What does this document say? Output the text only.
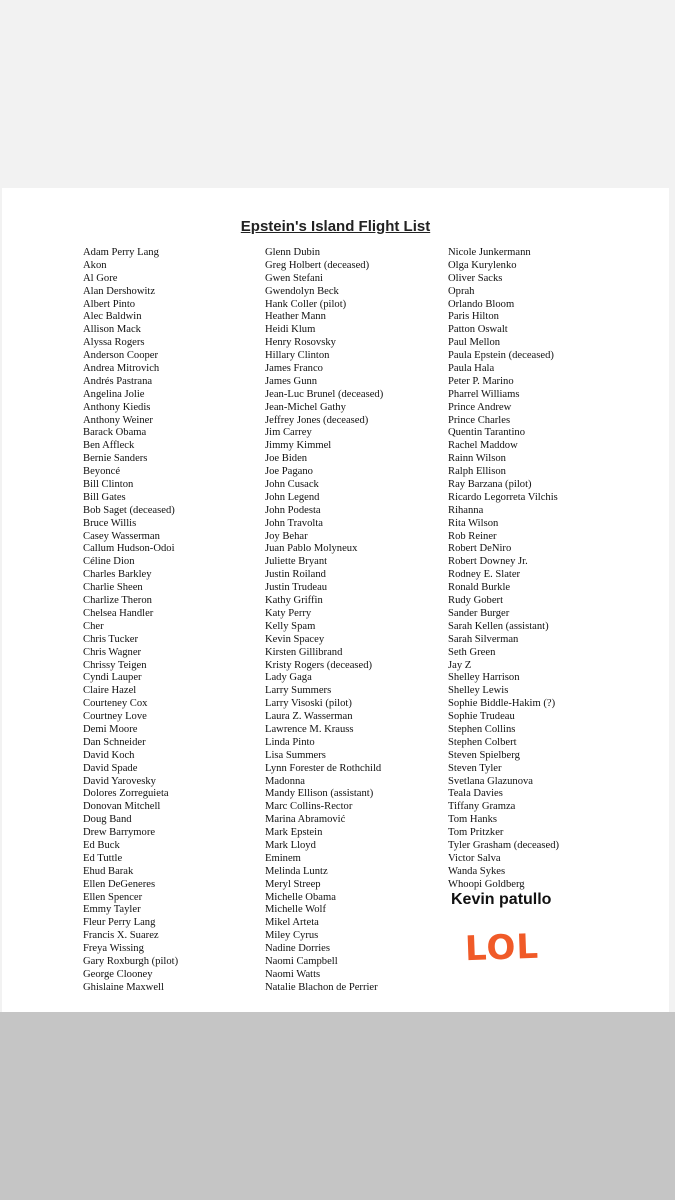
Epstein's Island Flight List
Adam Perry Lang
Akon
Al Gore
Alan Dershowitz
Albert Pinto
Alec Baldwin
Allison Mack
Alyssa Rogers
Anderson Cooper
Andrea Mitrovich
Andrés Pastrana
Angelina Jolie
Anthony Kiedis
Anthony Weiner
Barack Obama
Ben Affleck
Bernie Sanders
Beyoncé
Bill Clinton
Bill Gates
Bob Saget (deceased)
Bruce Willis
Casey Wasserman
Callum Hudson-Odoi
Céline Dion
Charles Barkley
Charlie Sheen
Charlize Theron
Chelsea Handler
Cher
Chris Tucker
Chris Wagner
Chrissy Teigen
Cyndi Lauper
Claire Hazel
Courteney Cox
Courtney Love
Demi Moore
Dan Schneider
David Koch
David Spade
David Yarovesky
Dolores Zorreguieta
Donovan Mitchell
Doug Band
Drew Barrymore
Ed Buck
Ed Tuttle
Ehud Barak
Ellen DeGeneres
Ellen Spencer
Emmy Tayler
Fleur Perry Lang
Francis X. Suarez
Freya Wissing
Gary Roxburgh (pilot)
George Clooney
Ghislaine Maxwell
Glenn Dubin
Greg Holbert (deceased)
Gwen Stefani
Gwendolyn Beck
Hank Coller (pilot)
Heather Mann
Heidi Klum
Henry Rosovsky
Hillary Clinton
James Franco
James Gunn
Jean-Luc Brunel (deceased)
Jean-Michel Gathy
Jeffrey Jones (deceased)
Jim Carrey
Jimmy Kimmel
Joe Biden
Joe Pagano
John Cusack
John Legend
John Podesta
John Travolta
Joy Behar
Juan Pablo Molyneux
Juliette Bryant
Justin Roiland
Justin Trudeau
Kathy Griffin
Katy Perry
Kelly Spam
Kevin Spacey
Kirsten Gillibrand
Kristy Rogers (deceased)
Lady Gaga
Larry Summers
Larry Visoski (pilot)
Laura Z. Wasserman
Lawrence M. Krauss
Linda Pinto
Lisa Summers
Lynn Forester de Rothchild
Madonna
Mandy Ellison (assistant)
Marc Collins-Rector
Marina Abramović
Mark Epstein
Mark Lloyd
Eminem
Melinda Luntz
Meryl Streep
Michelle Obama
Michelle Wolf
Mikel Arteta
Miley Cyrus
Nadine Dorries
Naomi Campbell
Naomi Watts
Natalie Blachon de Perrier
Nicole Junkermann
Olga Kurylenko
Oliver Sacks
Oprah
Orlando Bloom
Paris Hilton
Patton Oswalt
Paul Mellon
Paula Epstein (deceased)
Paula Hala
Peter P. Marino
Pharrel Williams
Prince Andrew
Prince Charles
Quentin Tarantino
Rachel Maddow
Rainn Wilson
Ralph Ellison
Ray Barzana (pilot)
Ricardo Legorreta Vilchis
Rihanna
Rita Wilson
Rob Reiner
Robert DeNiro
Robert Downey Jr.
Rodney E. Slater
Ronald Burkle
Rudy Gobert
Sander Burger
Sarah Kellen (assistant)
Sarah Silverman
Seth Green
Jay Z
Shelley Harrison
Shelley Lewis
Sophie Biddle-Hakim (?)
Sophie Trudeau
Stephen Collins
Stephen Colbert
Steven Spielberg
Steven Tyler
Svetlana Glazunova
Teala Davies
Tiffany Gramza
Tom Hanks
Tom Pritzker
Tyler Grasham (deceased)
Victor Salva
Wanda Sykes
Whoopi Goldberg
Kevin patullo
LOL
